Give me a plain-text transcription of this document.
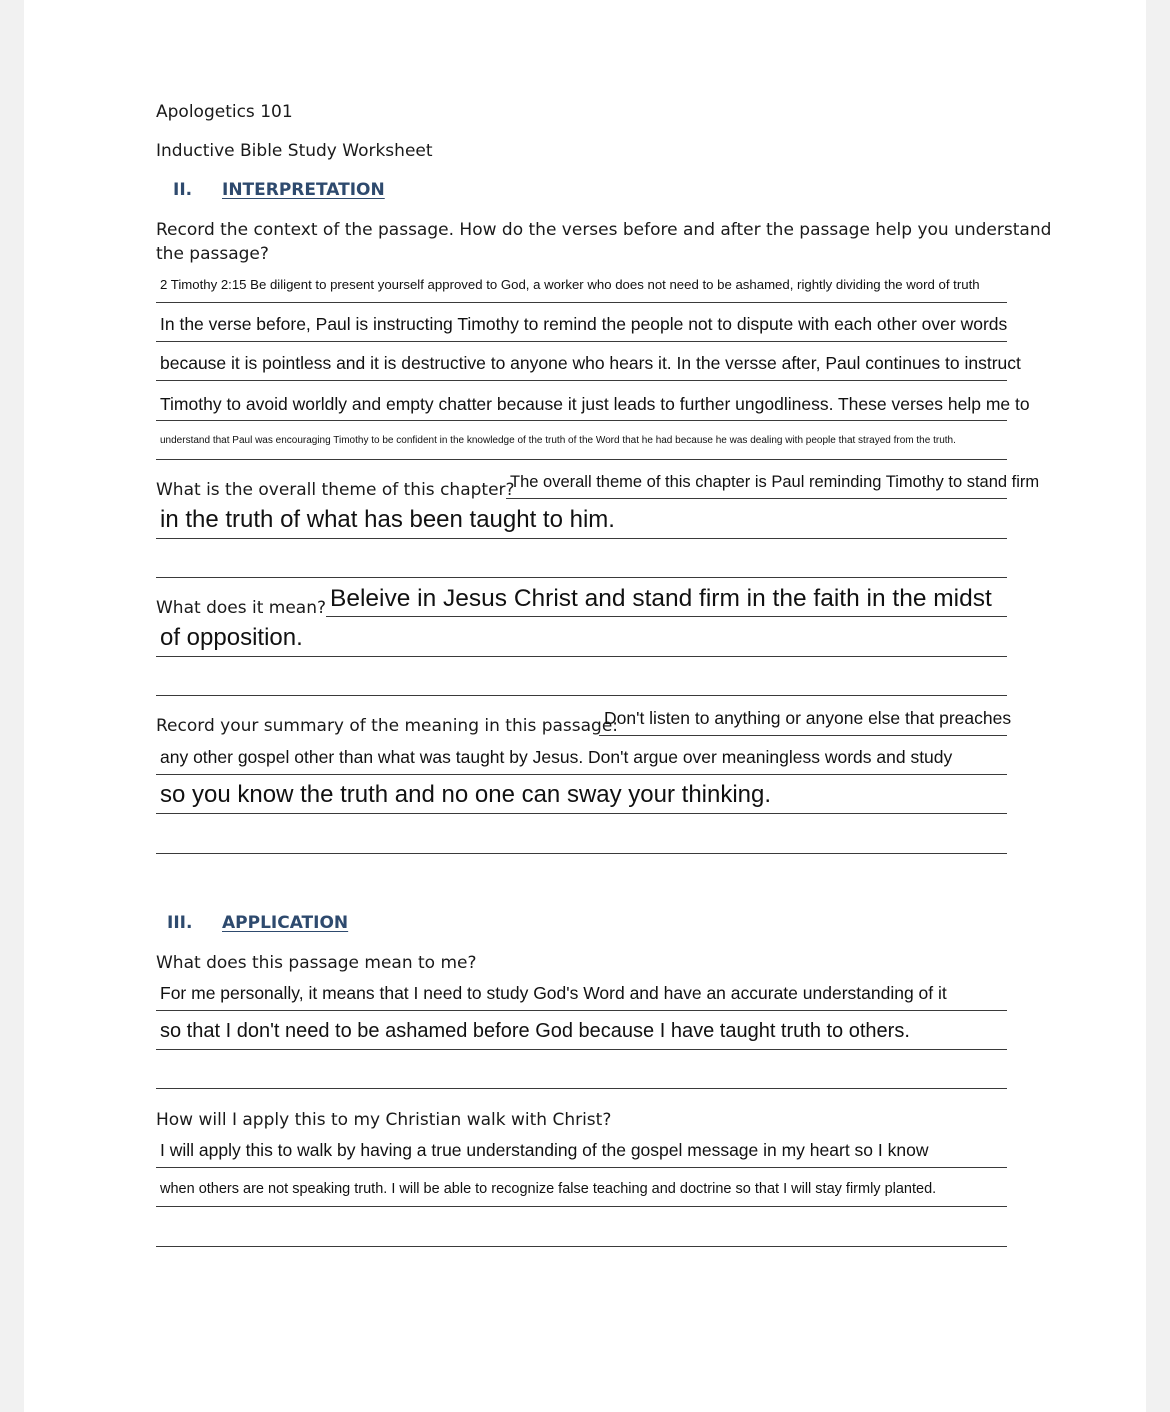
Apologetics 101
Inductive Bible Study Worksheet
II. INTERPRETATION
Record the context of the passage. How do the verses before and after the passage help you understand
the passage?
2 Timothy 2:15 Be diligent to present yourself approved to God, a worker who does not need to be ashamed, rightly dividing the word of truth
In the verse before, Paul is instructing Timothy to remind the people not to dispute with each other over words
because it is pointless and it is destructive to anyone who hears it. In the versse after, Paul continues to instruct
Timothy to avoid worldly and empty chatter because it just leads to further ungodliness. These verses help me to
understand that Paul was encouraging Timothy to be confident in the knowledge of the truth of the Word that he had because he was dealing with people that strayed from the truth.
What is the overall theme of this chapter?
The overall theme of this chapter is Paul reminding Timothy to stand firm
in the truth of what has been taught to him.
What does it mean? Beleive in Jesus Christ and stand firm in the faith in the midst
of opposition.
Record your summary of the meaning in this passage:
Don't listen to anything or anyone else that preaches
any other gospel other than what was taught by Jesus. Don't argue over meaningless words and study
so you know the truth and no one can sway your thinking.
III. APPLICATION
What does this passage mean to me?
For me personally, it means that I need to study God's Word and have an accurate understanding of it
so that I don't need to be ashamed before God because I have taught truth to others.
How will I apply this to my Christian walk with Christ?
I will apply this to walk by having a true understanding of the gospel message in my heart so I know
when others are not speaking truth. I will be able to recognize false teaching and doctrine so that I will stay firmly planted.
